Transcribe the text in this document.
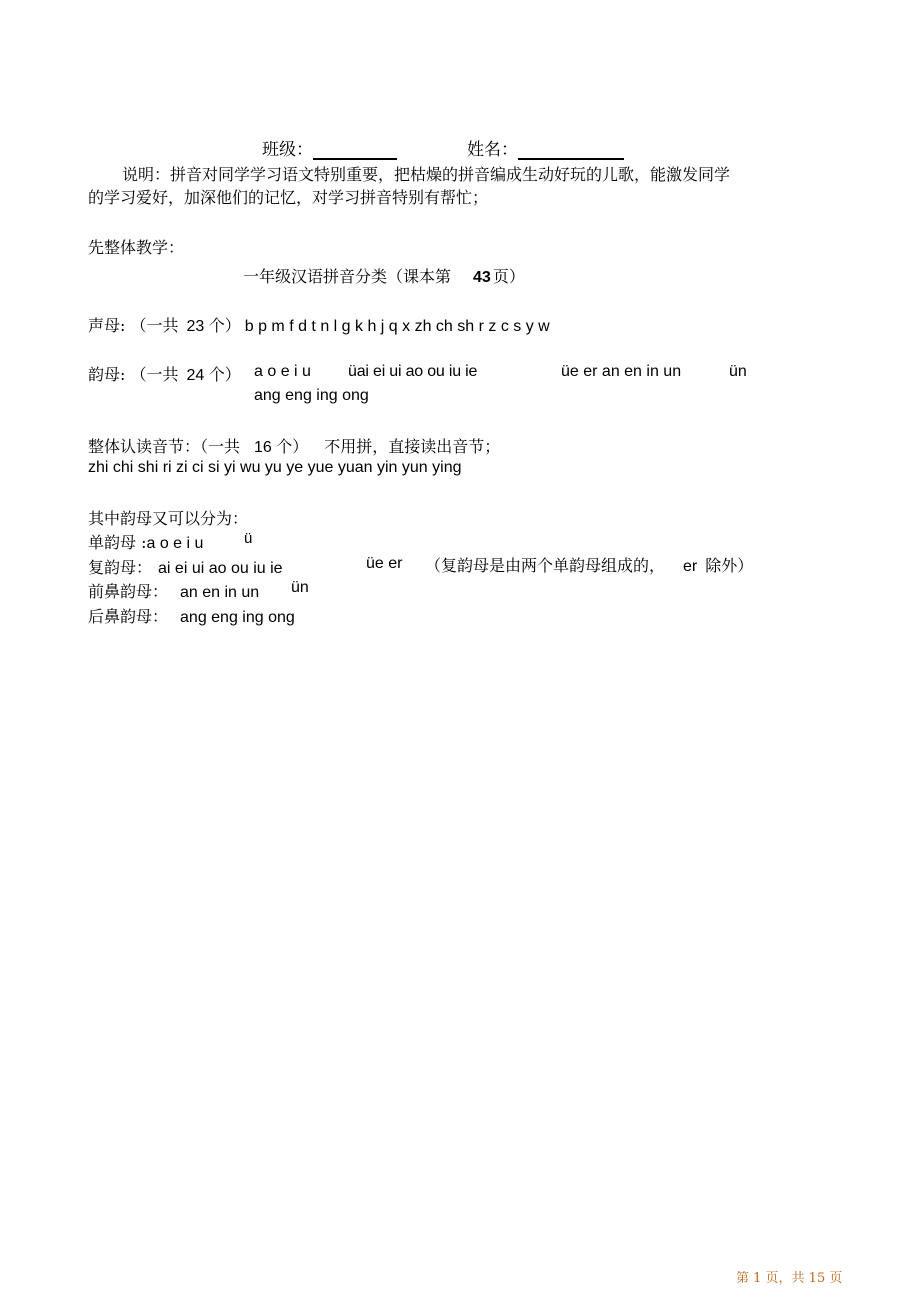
班级：	姓名：
说明：拼音对同学学习语文特别重要，把枯燥的拼音编成生动好玩的儿歌，能激发同学
的学习爱好，加深他们的记忆，对学习拼音特别有帮忙；
先整体教学：
一年级汉语拼音分类（课本第 43 页）
声母: （一共 23 个） b p m f d t n l g k h j q x zh ch sh r z c s y w
韵母: （一共 24 个） a o e i u üai ei ui ao ou iu ie	üe er an en in un	ün
ang eng ing ong
整体认读音节：（一共 16 个） 不用拼，直接读出音节；
zhi chi shi ri zi ci si yi wu yu ye yue yuan yin yun ying
其中韵母又可以分为：
单韵母 :a o e i u	ü
复韵母： ai ei ui ao ou iu ie	üe er （复韵母是由两个单韵母组成的， er 除外）
前鼻韵母： an en in un ün
后鼻韵母： ang eng ing ong
第 1 页，共 15 页
